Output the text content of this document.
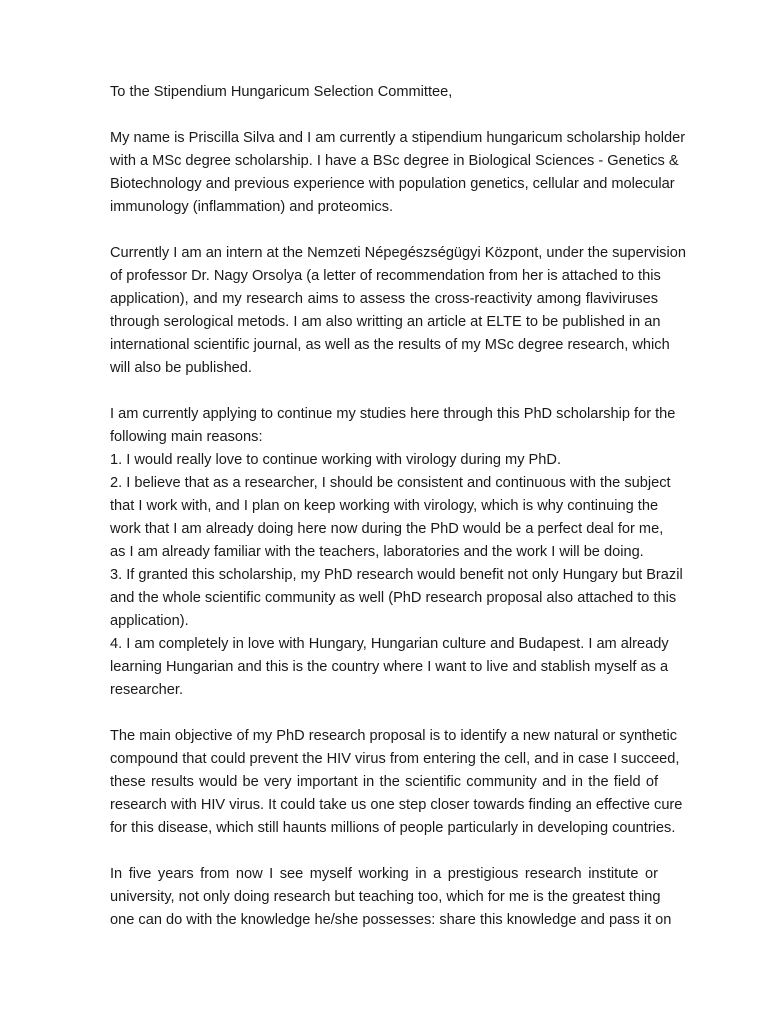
To the Stipendium Hungaricum Selection Committee,
My name is Priscilla Silva and I am currently a stipendium hungaricum scholarship holder
with a MSc degree scholarship. I have a BSc degree in Biological Sciences - Genetics &
Biotechnology and previous experience with population genetics, cellular and molecular
immunology (inflammation) and proteomics.
Currently I am an intern at the Nemzeti Népegészségügyi Központ, under the supervision
of professor Dr. Nagy Orsolya (a letter of recommendation from her is attached to this
application), and my research aims to assess the cross-reactivity among flaviviruses
through serological metods. I am also writting an article at ELTE to be published in an
international scientific journal, as well as the results of my MSc degree research, which
will also be published.
I am currently applying to continue my studies here through this PhD scholarship for the
following main reasons:
1. I would really love to continue working with virology during my PhD.
2. I believe that as a researcher, I should be consistent and continuous with the subject
that I work with, and I plan on keep working with virology, which is why continuing the
work that I am already doing here now during the PhD would be a perfect deal for me,
as I am already familiar with the teachers, laboratories and the work I will be doing.
3. If granted this scholarship, my PhD research would benefit not only Hungary but Brazil
and the whole scientific community as well (PhD research proposal also attached to this
application).
4. I am completely in love with Hungary, Hungarian culture and Budapest. I am already
learning Hungarian and this is the country where I want to live and stablish myself as a
researcher.
The main objective of my PhD research proposal is to identify a new natural or synthetic
compound that could prevent the HIV virus from entering the cell, and in case I succeed,
these results would be very important in the scientific community and in the field of
research with HIV virus. It could take us one step closer towards finding an effective cure
for this disease, which still haunts millions of people particularly in developing countries.
In five years from now I see myself working in a prestigious research institute or
university, not only doing research but teaching too, which for me is the greatest thing
one can do with the knowledge he/she possesses: share this knowledge and pass it on
